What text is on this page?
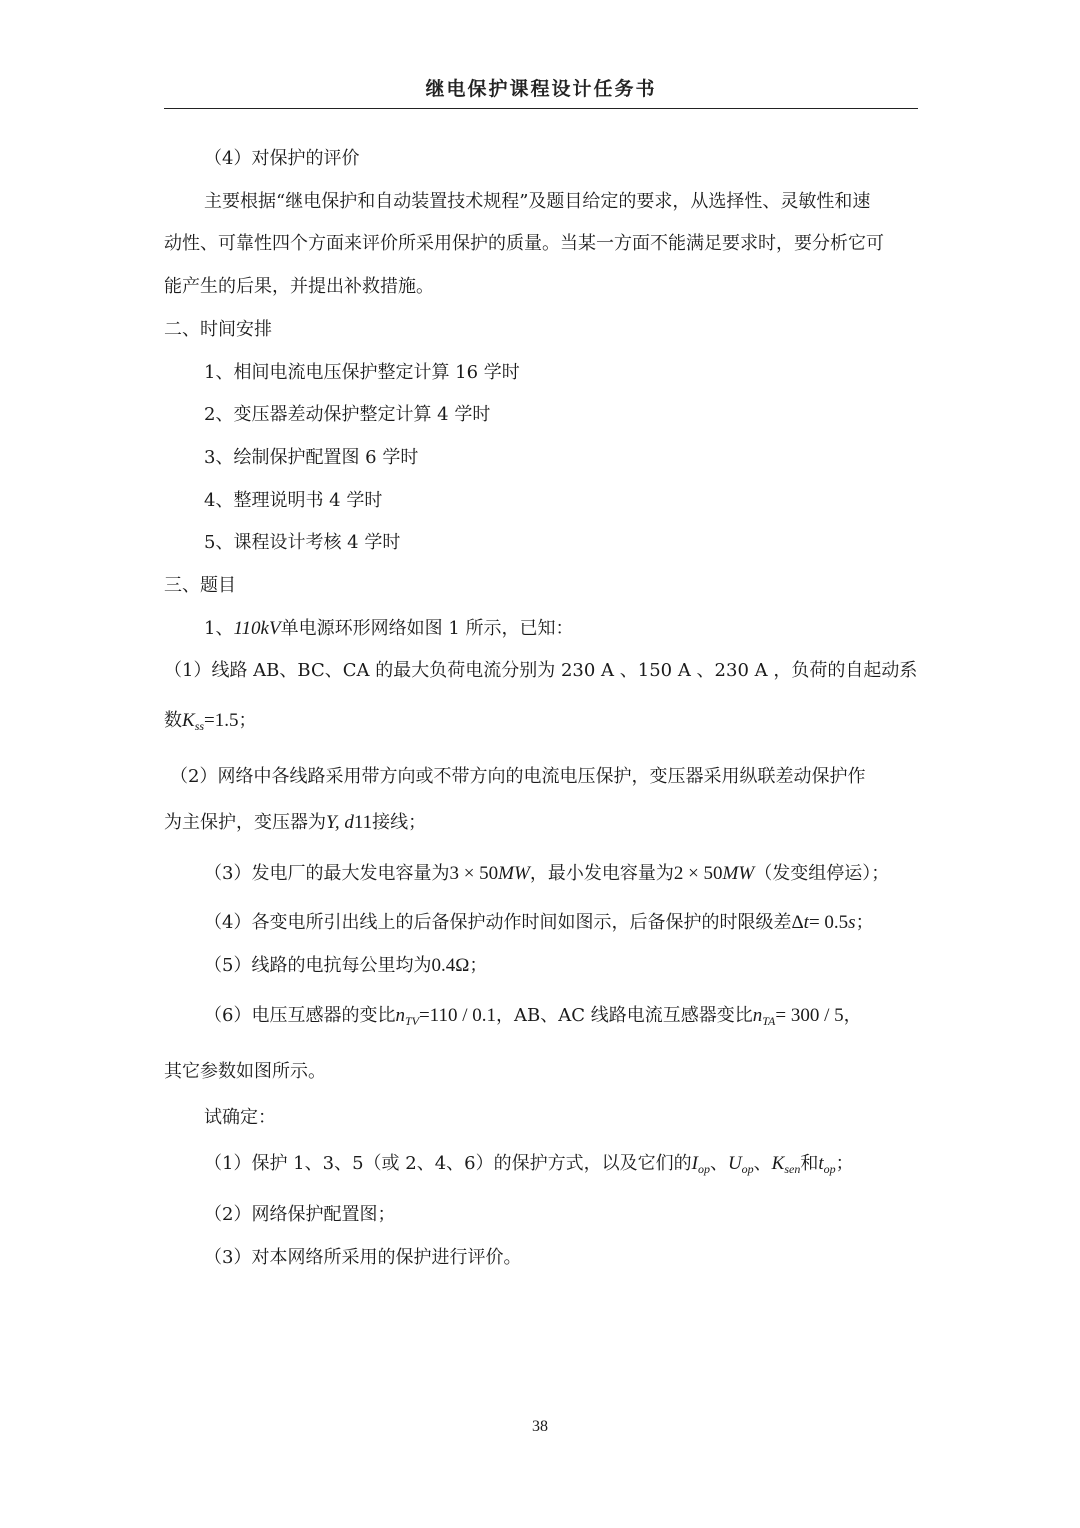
继电保护课程设计任务书
（4）对保护的评价
主要根据“继电保护和自动装置技术规程”及题目给定的要求，从选择性、灵敏性和速
动性、可靠性四个方面来评价所采用保护的质量。当某一方面不能满足要求时，要分析它可
能产生的后果，并提出补救措施。
二、时间安排
1、相间电流电压保护整定计算 16 学时
2、变压器差动保护整定计算 4 学时
3、绘制保护配置图 6 学时
4、整理说明书 4 学时
5、课程设计考核 4 学时
三、题目
1、 110kV 单电源环形网络如图 1 所示，已知：
（1）线路 AB、BC、CA 的最大负荷电流分别为 230 A 、150 A 、230 A ，负荷的自起动系
数 $K_{ss} =1.5$ ；
（2）网络中各线路采用带方向或不带方向的电流电压保护，变压器采用纵联差动保护作
为主保护，变压器为 Y, d 11 接线；
（3）发电厂的最大发电容量为 3 × 50 MW ，最小发电容量为 2 × 50 MW （发变组停运）；
（4）各变电所引出线上的后备保护动作时间如图示，后备保护的时限级差 Δ t = 0.5 s ；
（5）线路的电抗每公里均为 0.4Ω ；
（6）电压互感器的变比 $n_{TV} =110 / 0.1$ ，AB、AC 线路电流互感器变比 $n_{TA} = 300 / 5$ ，
其它参数如图所示。
试确定：
（1）保护 1、3、5（或 2、4、6）的保护方式，以及它们的 $I_{op}$ 、 $U_{op}$ 、 $K_{sen}$ 和 $t_{op}$ ；
（2）网络保护配置图；
（3）对本网络所采用的保护进行评价。
38
